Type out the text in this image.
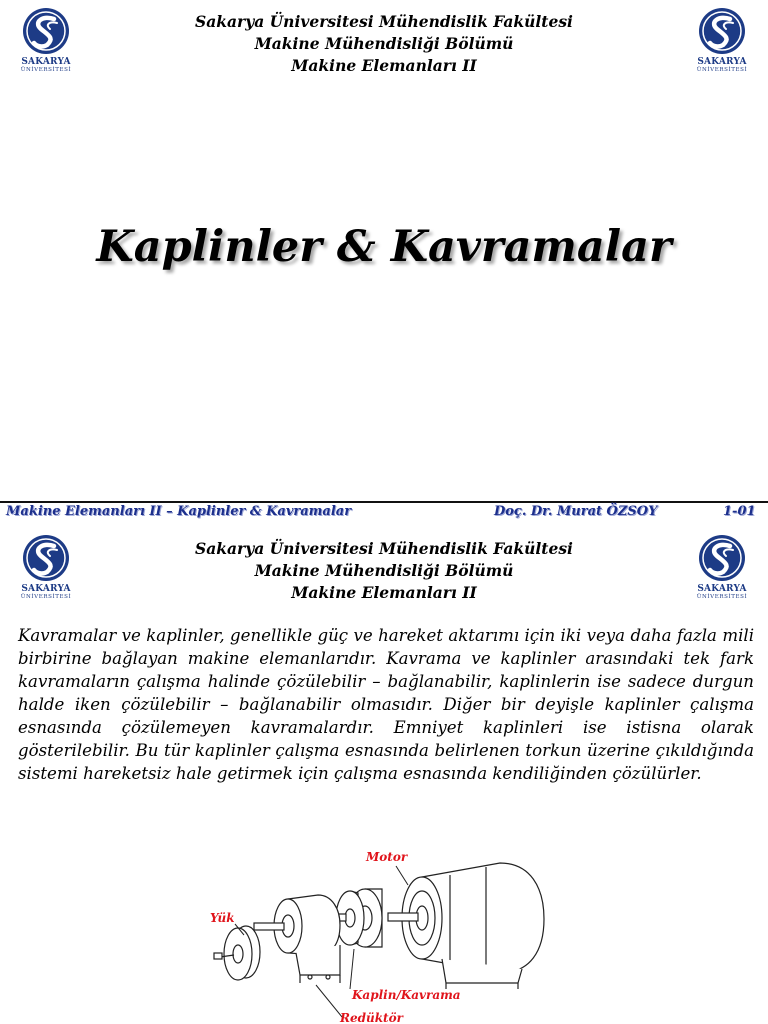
SAKARYA
ÜNİVERSİTESİ
Sakarya Üniversitesi Mühendislik Fakültesi
Makine Mühendisliği Bölümü
Makine Elemanları II	SAKARYA
ÜNİVERSİTESİ
Kaplinler & Kavramalar
Makine Elemanları II – Kaplinler & Kavramalar	Doç. Dr. Murat ÖZSOY	1-01
SAKARYA
ÜNİVERSİTESİ
Sakarya Üniversitesi Mühendislik Fakültesi
Makine Mühendisliği Bölümü
Makine Elemanları II	SAKARYA
ÜNİVERSİTESİ

Kavramalar ve kaplinler, genellikle güç ve hareket aktarımı için iki veya daha fazla mili birbirine bağlayan makine elemanlarıdır. Kavrama ve kaplinler arasındaki tek fark kavramaların çalışma halinde çözülebilir – bağlanabilir, kaplinlerin ise sadece durgun halde iken çözülebilir – bağlanabilir olmasıdır. Diğer bir deyişle kaplinler çalışma esnasında çözülemeyen kavramalardır. Emniyet kaplinleri ise istisna olarak gösterilebilir. Bu tür kaplinler çalışma esnasında belirlenen torkun üzerine çıkıldığında sistemi hareketsiz hale getirmek için çalışma esnasında kendiliğinden çözülürler.

Motor
Yük
Kaplin/Kavrama
Redüktör
